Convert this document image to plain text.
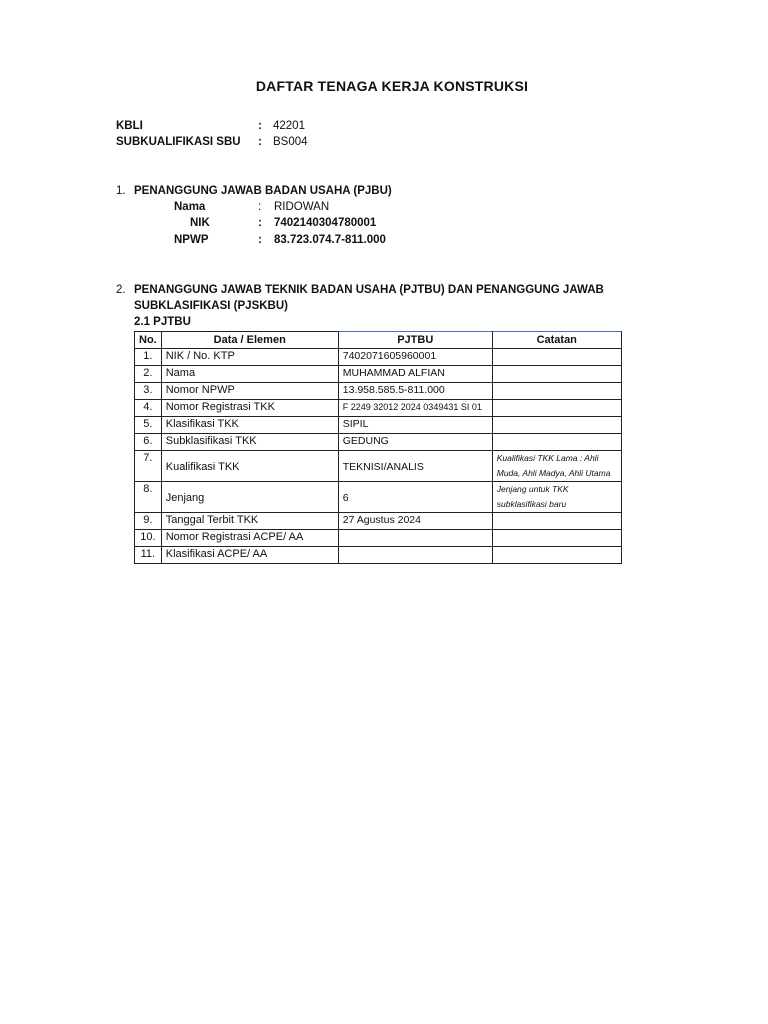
DAFTAR TENAGA KERJA KONSTRUKSI
KBLI	: 42201
SUBKUALIFIKASI SBU : BS004
1. PENANGGUNG JAWAB BADAN USAHA (PJBU)
Nama	: RIDOWAN
NIK	: 7402140304780001
NPWP	: 83.723.074.7-811.000
2. PENANGGUNG JAWAB TEKNIK BADAN USAHA (PJTBU) DAN PENANGGUNG JAWAB SUBKLASIFIKASI (PJSKBU)
2.1 PJTBU
No.	Data / Elemen	PJTBU	Catatan
1.	NIK / No. KTP	7402071605960001	
2.	Nama	MUHAMMAD ALFIAN	
3.	Nomor NPWP	13.958.585.5-811.000	
4.	Nomor Registrasi TKK	F 2249 32012 2024 0349431 SI 01	
5.	Klasifikasi TKK	SIPIL	
6.	Subklasifikasi TKK	GEDUNG	
7.	Kualifikasi TKK	TEKNISI/ANALIS	Kualifikasi TKK Lama : Ahli Muda, Ahli Madya, Ahli Utama
8.	Jenjang	6	Jenjang untuk TKK subklasifikasi baru
9.	Tanggal Terbit TKK	27 Agustus 2024	
10.	Nomor Registrasi ACPE/ AA		
11.	Klasifikasi ACPE/ AA		
